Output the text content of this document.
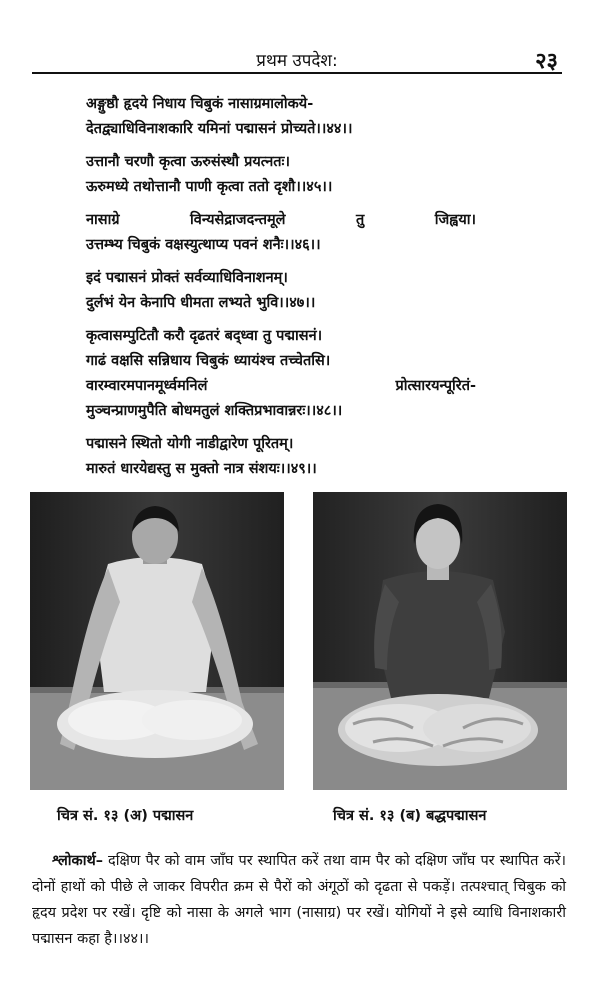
प्रथम उपदेश:	२३
अङ्गुष्ठौ हृदये निधाय चिबुकं नासाग्रमालोकये-
देतद्व्याधिविनाशकारि यमिनां पद्मासनं प्रोच्यते।।४४।।
उत्तानौ चरणौ कृत्वा ऊरुसंस्थौ प्रयत्नतः।
ऊरुमध्ये तथोत्तानौ पाणी कृत्वा ततो दृशौ।।४५।।
नासाग्रे विन्यसेद्राजदन्तमूले तु जिह्वया।
उत्तम्भ्य चिबुकं वक्षस्युत्थाप्य पवनं शनैः।।४६।।
इदं पद्मासनं प्रोक्तं सर्वव्याधिविनाशनम्।
दुर्लभं येन केनापि धीमता लभ्यते भुवि।।४७।।
कृत्वासम्पुटितौ करौ दृढतरं बद्ध्वा तु पद्मासनं।
गाढं वक्षसि सन्निधाय चिबुकं ध्यायंश्च तच्चेतसि।
वारम्वारमपानमूर्ध्वमनिलं प्रोत्सारयन्पूरितं-
मुञ्चन्प्राणमुपैति बोधमतुलं शक्तिप्रभावान्नरः।।४८।।
पद्मासने स्थितो योगी नाडीद्वारेण पूरितम्।
मारुतं धारयेद्यस्तु स मुक्तो नात्र संशयः।।४९।।
चित्र सं. १३ (अ) पद्मासन	चित्र सं. १३ (ब) बद्धपद्मासन
श्लोकार्थ– दक्षिण पैर को वाम जाँघ पर स्थापित करें तथा वाम पैर को दक्षिण जाँघ पर स्थापित करें। दोनों हाथों को पीछे ले जाकर विपरीत क्रम से पैरों को अंगूठों को दृढता से पकड़ें। तत्पश्चात् चिबुक को हृदय प्रदेश पर रखें। दृष्टि को नासा के अगले भाग (नासाग्र) पर रखें। योगियों ने इसे व्याधि विनाशकारी पद्मासन कहा है।।४४।।
